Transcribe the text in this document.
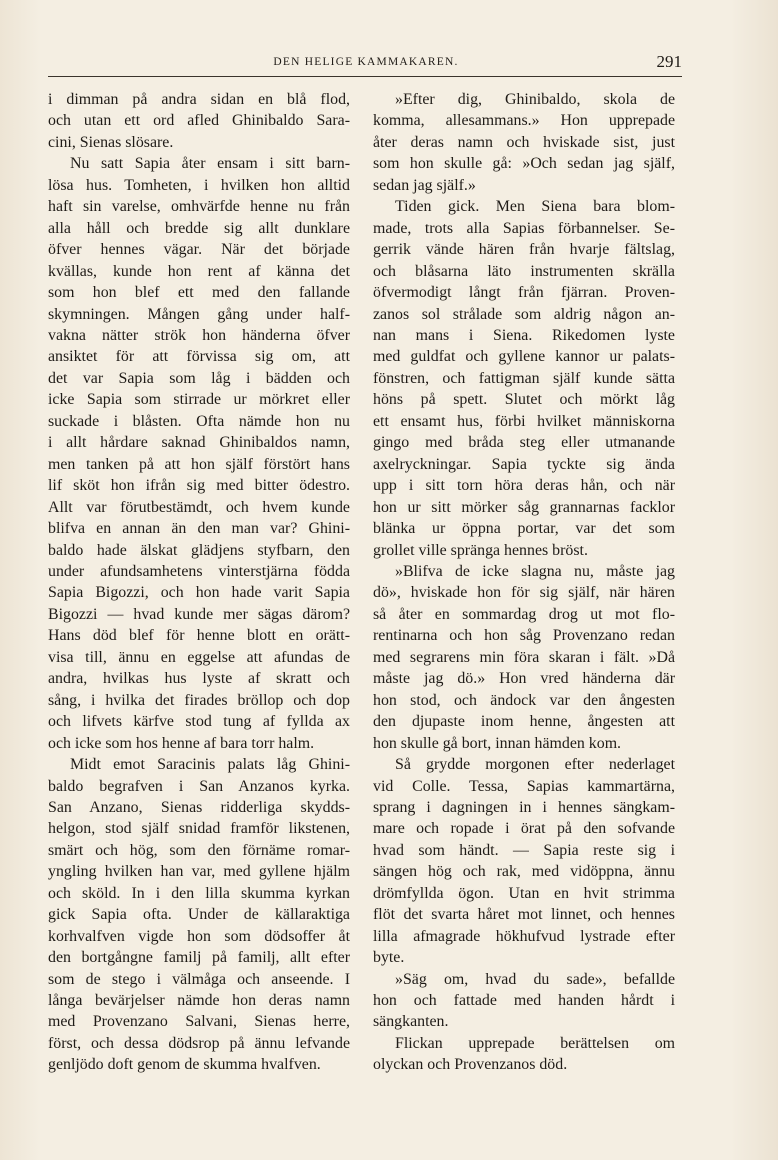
DEN HELIGE KAMMAKAREN.	291

i dimman på andra sidan en blå flod,

och utan ett ord afled Ghinibaldo Sara-

cini, Sienas slösare.

Nu satt Sapia åter ensam i sitt barn-

lösa hus. Tomheten, i hvilken hon alltid

haft sin varelse, omhvärfde henne nu från

alla håll och bredde sig allt dunklare

öfver hennes vägar. När det började

kvällas, kunde hon rent af känna det

som hon blef ett med den fallande

skymningen. Mången gång under half-

vakna nätter strök hon händerna öfver

ansiktet för att förvissa sig om, att

det var Sapia som låg i bädden och

icke Sapia som stirrade ur mörkret eller

suckade i blåsten. Ofta nämde hon nu

i allt hårdare saknad Ghinibaldos namn,

men tanken på att hon själf förstört hans

lif sköt hon ifrån sig med bitter ödestro.

Allt var förutbestämdt, och hvem kunde

blifva en annan än den man var? Ghini-

baldo hade älskat glädjens styfbarn, den

under afundsamhetens vinterstjärna födda

Sapia Bigozzi, och hon hade varit Sapia

Bigozzi — hvad kunde mer sägas därom?

Hans död blef för henne blott en orätt-

visa till, ännu en eggelse att afundas de

andra, hvilkas hus lyste af skratt och

sång, i hvilka det firades bröllop och dop

och lifvets kärfve stod tung af fyllda ax

och icke som hos henne af bara torr halm.

Midt emot Saracinis palats låg Ghini-

baldo begrafven i San Anzanos kyrka.

San Anzano, Sienas ridderliga skydds-

helgon, stod själf snidad framför likstenen,

smärt och hög, som den förnäme romar-

yngling hvilken han var, med gyllene hjälm

och sköld. In i den lilla skumma kyrkan

gick Sapia ofta. Under de källaraktiga

korhvalfven vigde hon som dödsoffer åt

den bortgångne familj på familj, allt efter

som de stego i välmåga och anseende. I

långa bevärjelser nämde hon deras namn

med Provenzano Salvani, Sienas herre,

först, och dessa dödsrop på ännu lefvande

genljödo doft genom de skumma hvalfven.

»Efter dig, Ghinibaldo, skola de

komma, allesammans.» Hon upprepade

åter deras namn och hviskade sist, just

som hon skulle gå: »Och sedan jag själf,

sedan jag själf.»

Tiden gick. Men Siena bara blom-

made, trots alla Sapias förbannelser. Se-

gerrik vände hären från hvarje fältslag,

och blåsarna läto instrumenten skrälla

öfvermodigt långt från fjärran. Proven-

zanos sol strålade som aldrig någon an-

nan mans i Siena. Rikedomen lyste

med guldfat och gyllene kannor ur palats-

fönstren, och fattigman själf kunde sätta

höns på spett. Slutet och mörkt låg

ett ensamt hus, förbi hvilket människorna

gingo med bråda steg eller utmanande

axelryckningar. Sapia tyckte sig ända

upp i sitt torn höra deras hån, och när

hon ur sitt mörker såg grannarnas facklor

blänka ur öppna portar, var det som

grollet ville spränga hennes bröst.

»Blifva de icke slagna nu, måste jag

dö», hviskade hon för sig själf, när hären

så åter en sommardag drog ut mot flo-

rentinarna och hon såg Provenzano redan

med segrarens min föra skaran i fält. »Då

måste jag dö.» Hon vred händerna där

hon stod, och ändock var den ångesten

den djupaste inom henne, ångesten att

hon skulle gå bort, innan hämden kom.

Så grydde morgonen efter nederlaget

vid Colle. Tessa, Sapias kammartärna,

sprang i dagningen in i hennes sängkam-

mare och ropade i örat på den sofvande

hvad som händt. — Sapia reste sig i

sängen hög och rak, med vidöppna, ännu

drömfyllda ögon. Utan en hvit strimma

flöt det svarta håret mot linnet, och hennes

lilla afmagrade hökhufvud lystrade efter

byte.

»Säg om, hvad du sade», befallde

hon och fattade med handen hårdt i

sängkanten.

Flickan upprepade berättelsen om

olyckan och Provenzanos död.
